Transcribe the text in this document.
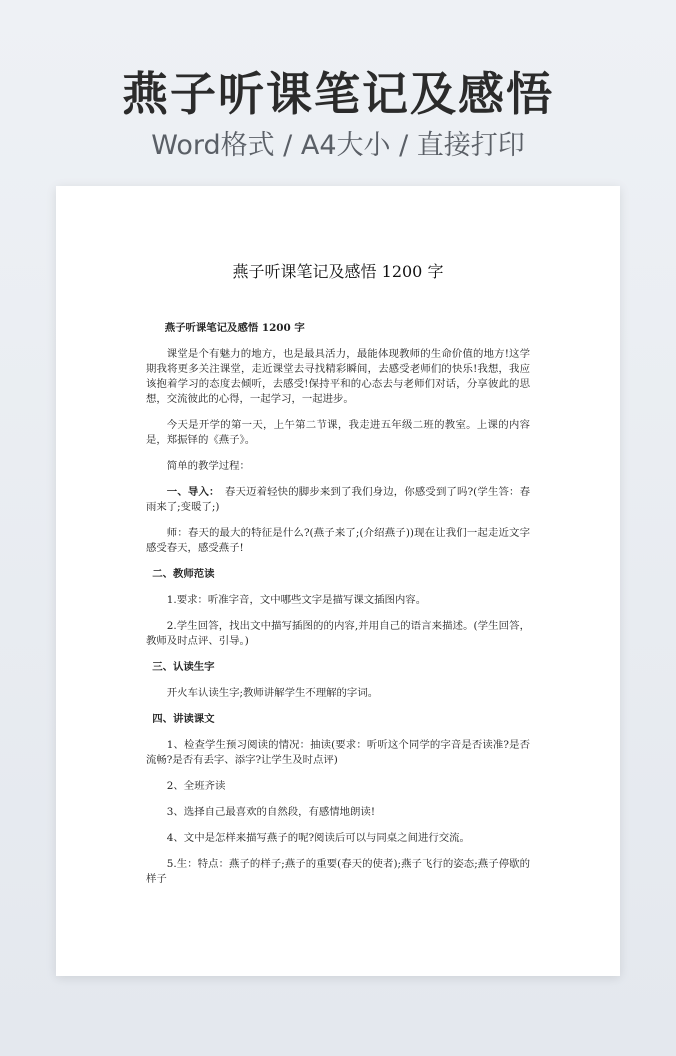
燕子听课笔记及感悟
Word格式 / A4大小 / 直接打印
燕子听课笔记及感悟 1200 字

燕子听课笔记及感悟 1200 字

课堂是个有魅力的地方，也是最具活力，最能体现教师的生命价值的地方!这学期我将更多关注课堂，走近课堂去寻找精彩瞬间，去感受老师们的快乐!我想，我应该抱着学习的态度去倾听，去感受!保持平和的心态去与老师们对话，分享彼此的思想，交流彼此的心得，一起学习，一起进步。

今天是开学的第一天，上午第二节课，我走进五年级二班的教室。上课的内容是，郑振铎的《燕子》。

简单的教学过程：

一、导入：　春天迈着轻快的脚步来到了我们身边，你感受到了吗?(学生答：春雨来了;变暖了;)

师：春天的最大的特征是什么?(燕子来了;(介绍燕子))现在让我们一起走近文字感受春天，感受燕子!

二、教师范读

1.要求：听准字音，文中哪些文字是描写课文插图内容。

2.学生回答，找出文中描写插图的的内容,并用自己的语言来描述。(学生回答，教师及时点评、引导。)

三、认读生字

开火车认读生字;教师讲解学生不理解的字词。

四、讲读课文

1、检查学生预习阅读的情况：抽读(要求：听听这个同学的字音是否读准?是否流畅?是否有丢字、添字?让学生及时点评)

2、全班齐读

3、选择自己最喜欢的自然段，有感情地朗读!

4、文中是怎样来描写燕子的呢?阅读后可以与同桌之间进行交流。

5.生：特点：燕子的样子;燕子的重要(春天的使者);燕子飞行的姿态;燕子停歇的样子
